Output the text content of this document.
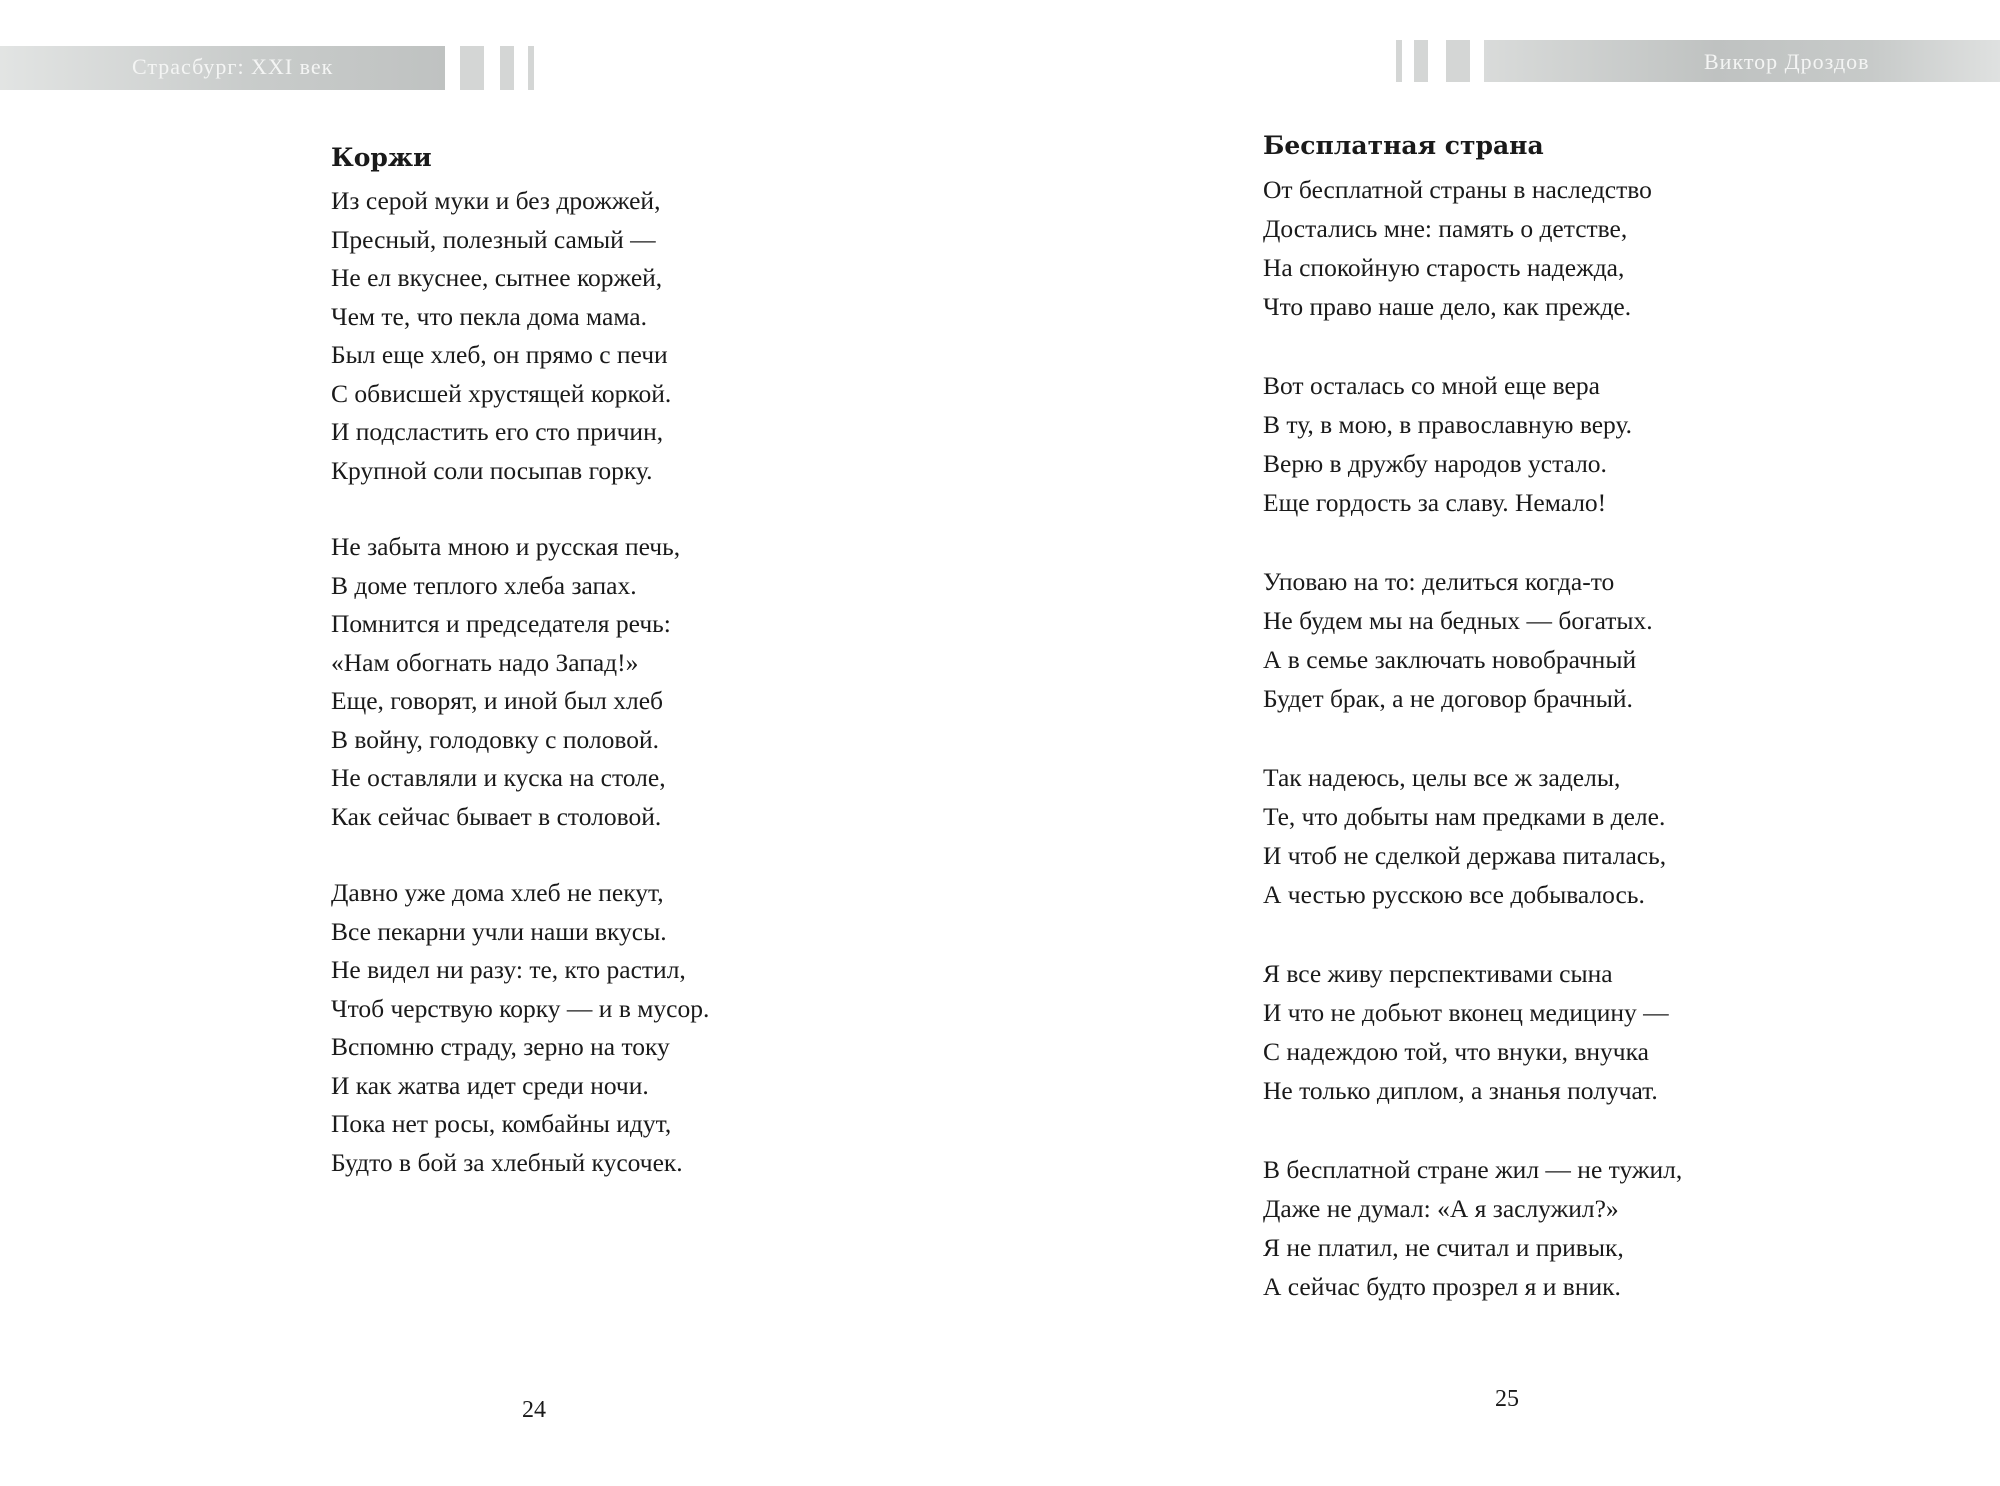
Страсбург: XXI век
Коржи
Из серой муки и без дрожжей,
Пресный, полезный самый —
Не ел вкуснее, сытнее коржей,
Чем те, что пекла дома мама.
Был еще хлеб, он прямо с печи
С обвисшей хрустящей коркой.
И подсластить его сто причин,
Крупной соли посыпав горку.
Не забыта мною и русская печь,
В доме теплого хлеба запах.
Помнится и председателя речь:
«Нам обогнать надо Запад!»
Еще, говорят, и иной был хлеб
В войну, голодовку с половой.
Не оставляли и куска на столе,
Как сейчас бывает в столовой.
Давно уже дома хлеб не пекут,
Все пекарни учли наши вкусы.
Не видел ни разу: те, кто растил,
Чтоб черствую корку — и в мусор.
Вспомню страду, зерно на току
И как жатва идет среди ночи.
Пока нет росы, комбайны идут,
Будто в бой за хлебный кусочек.
24
Виктор Дроздов
Бесплатная страна
От бесплатной страны в наследство
Достались мне: память о детстве,
На спокойную старость надежда,
Что право наше дело, как прежде.
Вот осталась со мной еще вера
В ту, в мою, в православную веру.
Верю в дружбу народов устало.
Еще гордость за славу. Немало!
Уповаю на то: делиться когда-то
Не будем мы на бедных — богатых.
А в семье заключать новобрачный
Будет брак, а не договор брачный.
Так надеюсь, целы все ж заделы,
Те, что добыты нам предками в деле.
И чтоб не сделкой держава питалась,
А честью русскою все добывалось.
Я все живу перспективами сына
И что не добьют вконец медицину —
С надеждою той, что внуки, внучка
Не только диплом, а знанья получат.
В бесплатной стране жил — не тужил,
Даже не думал: «А я заслужил?»
Я не платил, не считал и привык,
А сейчас будто прозрел я и вник.
25
